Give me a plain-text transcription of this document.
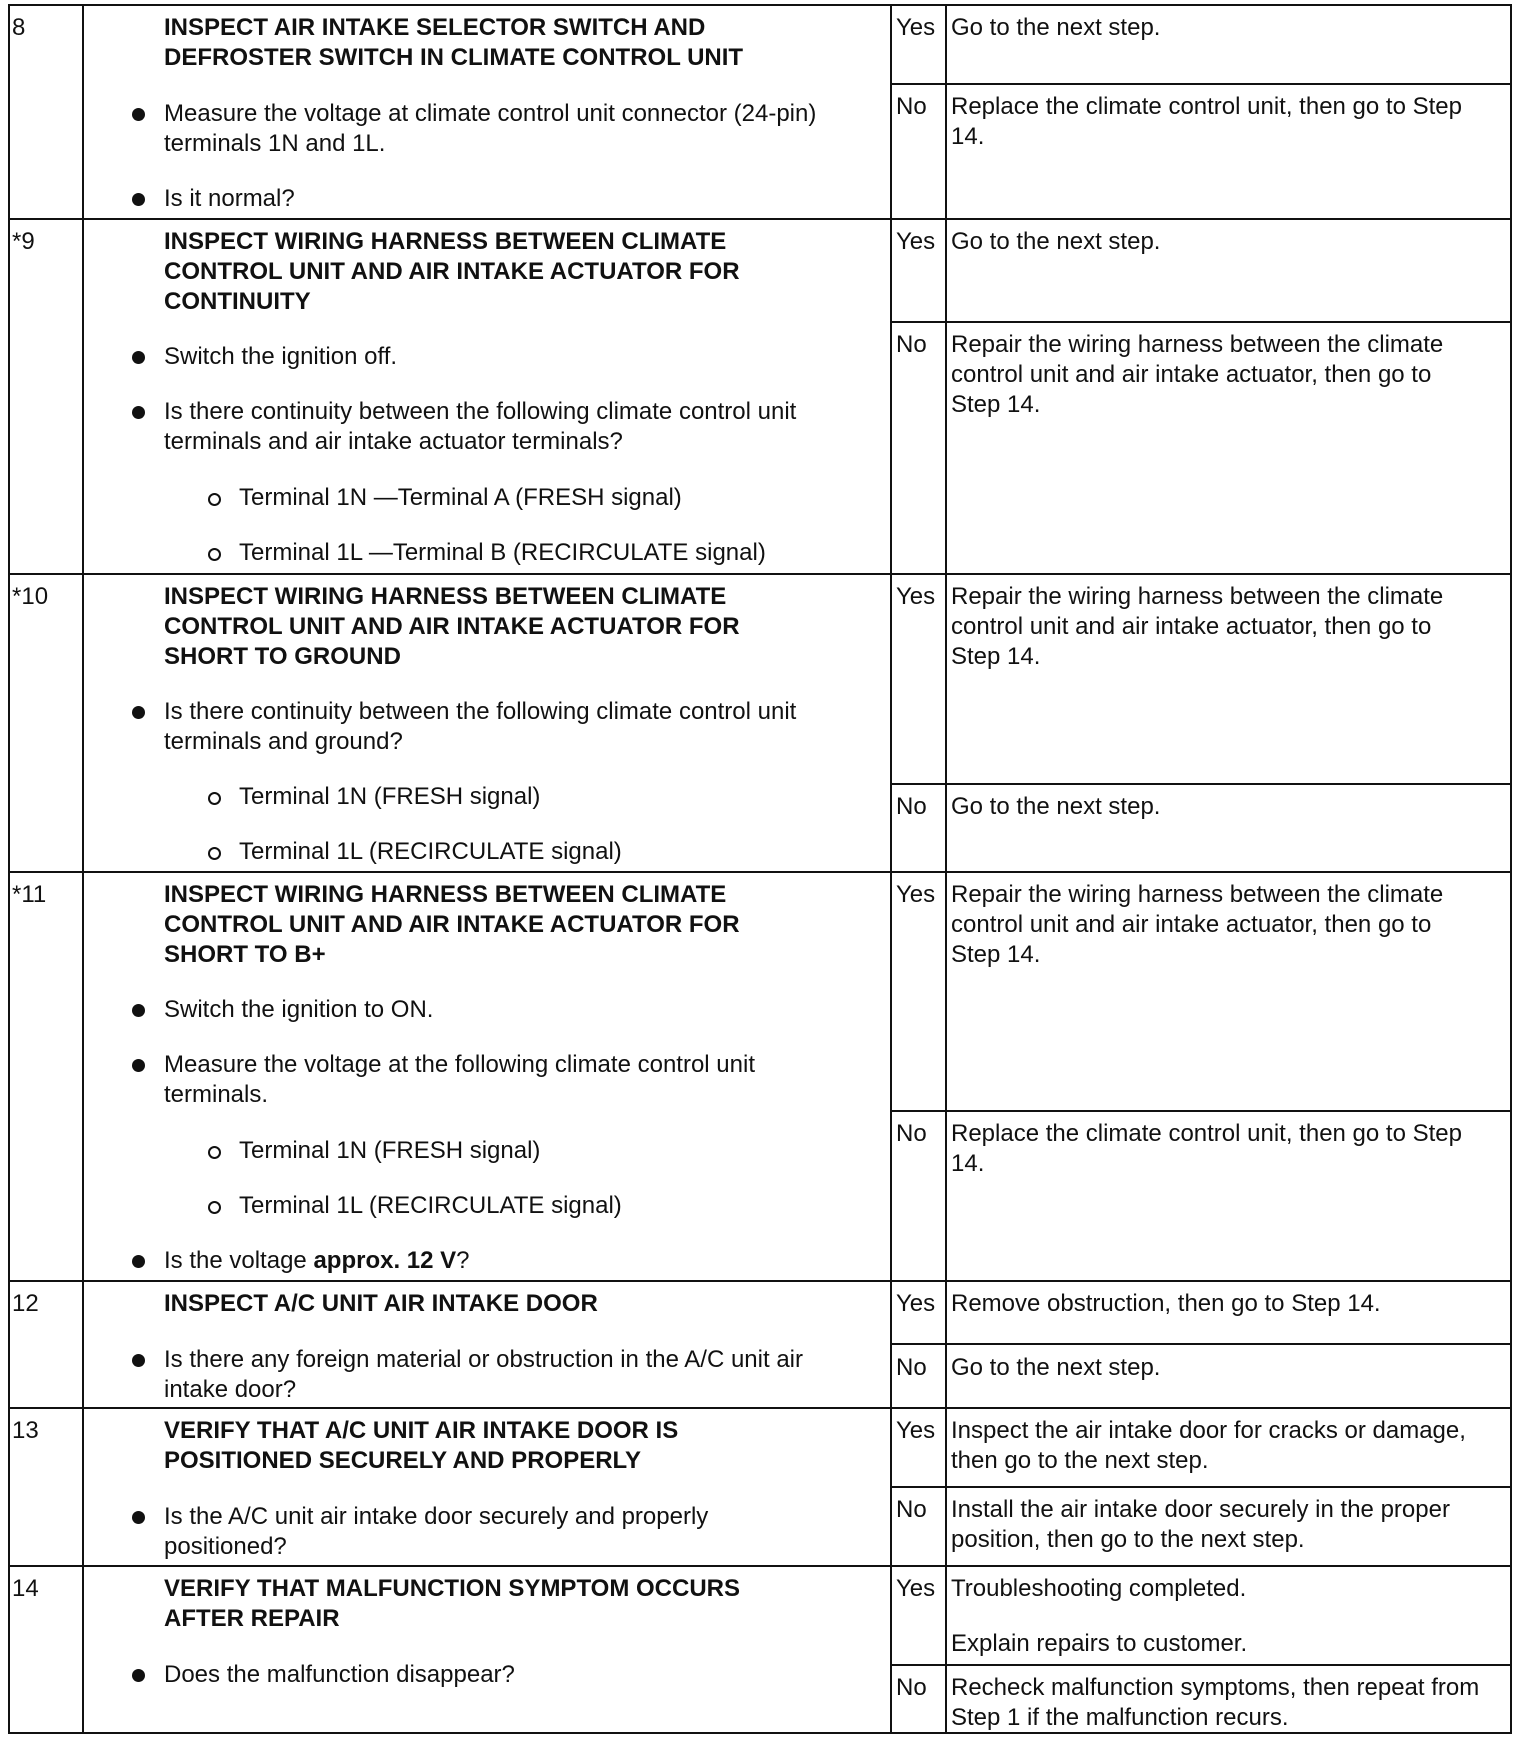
8	INSPECT AIR INTAKE SELECTOR SWITCH AND
DEFROSTER SWITCH IN CLIMATE CONTROL UNIT
Measure the voltage at climate control unit connector (24-pin)
terminals 1N and 1L.
Is it normal?
Yes Go to the next step.
No Replace the climate control unit, then go to Step
14.
*9	INSPECT WIRING HARNESS BETWEEN CLIMATE
CONTROL UNIT AND AIR INTAKE ACTUATOR FOR
CONTINUITY
Switch the ignition off.
Is there continuity between the following climate control unit
terminals and air intake actuator terminals?
Terminal 1N —Terminal A (FRESH signal)
Terminal 1L —Terminal B (RECIRCULATE signal)
Yes Go to the next step.
No Repair the wiring harness between the climate
control unit and air intake actuator, then go to
Step 14.
*10	INSPECT WIRING HARNESS BETWEEN CLIMATE
CONTROL UNIT AND AIR INTAKE ACTUATOR FOR
SHORT TO GROUND
Is there continuity between the following climate control unit
terminals and ground?
Terminal 1N (FRESH signal)
Terminal 1L (RECIRCULATE signal)
Yes Repair the wiring harness between the climate
control unit and air intake actuator, then go to
Step 14.
No Go to the next step.
*11	INSPECT WIRING HARNESS BETWEEN CLIMATE
CONTROL UNIT AND AIR INTAKE ACTUATOR FOR
SHORT TO B+
Switch the ignition to ON.
Measure the voltage at the following climate control unit
terminals.
Terminal 1N (FRESH signal)
Terminal 1L (RECIRCULATE signal)
Is the voltage approx. 12 V?
Yes Repair the wiring harness between the climate
control unit and air intake actuator, then go to
Step 14.
No Replace the climate control unit, then go to Step
14.
12	INSPECT A/C UNIT AIR INTAKE DOOR
Is there any foreign material or obstruction in the A/C unit air
intake door?
Yes Remove obstruction, then go to Step 14.
No Go to the next step.
13	VERIFY THAT A/C UNIT AIR INTAKE DOOR IS
POSITIONED SECURELY AND PROPERLY
Is the A/C unit air intake door securely and properly
positioned?
Yes Inspect the air intake door for cracks or damage,
then go to the next step.
No Install the air intake door securely in the proper
position, then go to the next step.
14	VERIFY THAT MALFUNCTION SYMPTOM OCCURS
AFTER REPAIR
Does the malfunction disappear?
Yes Troubleshooting completed.
Explain repairs to customer.
No Recheck malfunction symptoms, then repeat from
Step 1 if the malfunction recurs.
